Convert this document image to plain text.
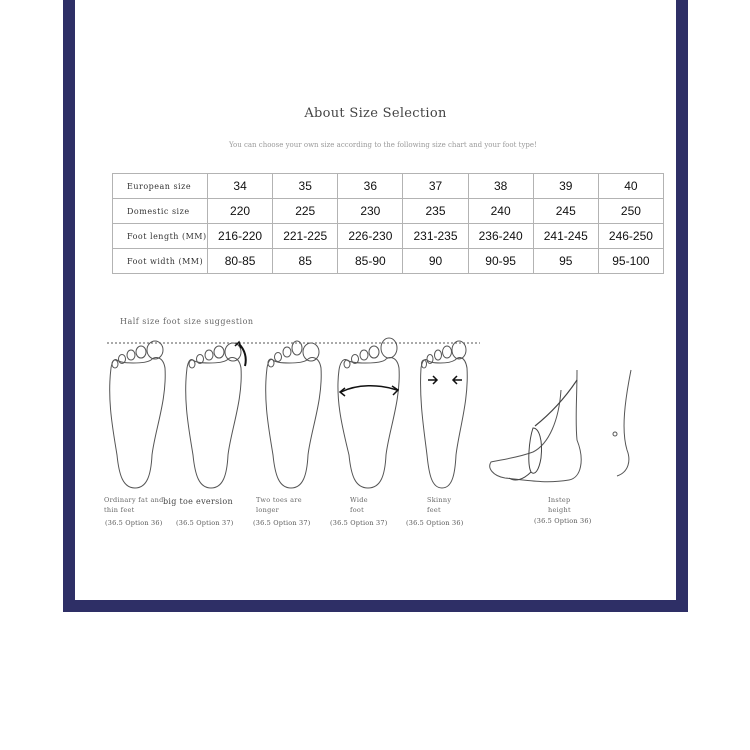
About Size Selection
You can choose your own size according to the following size chart and your foot type!
European size	34	35	36	37	38	39	40
Domestic size	220	225	230	235	240	245	250
Foot length (MM)	216-220	221-225	226-230	231-235	236-240	241-245	246-250
Foot width (MM)	80-85	85	85-90	90	90-95	95	95-100
Half size foot size suggestion
Ordinary fat and thin feet
(36.5 Option 36)
big toe eversion
(36.5 Option 37)
Two toes are longer
(36.5 Option 37)
Wide foot
(36.5 Option 37)
Skinny feet
(36.5 Option 36)
Instep height
(36.5 Option 36)
